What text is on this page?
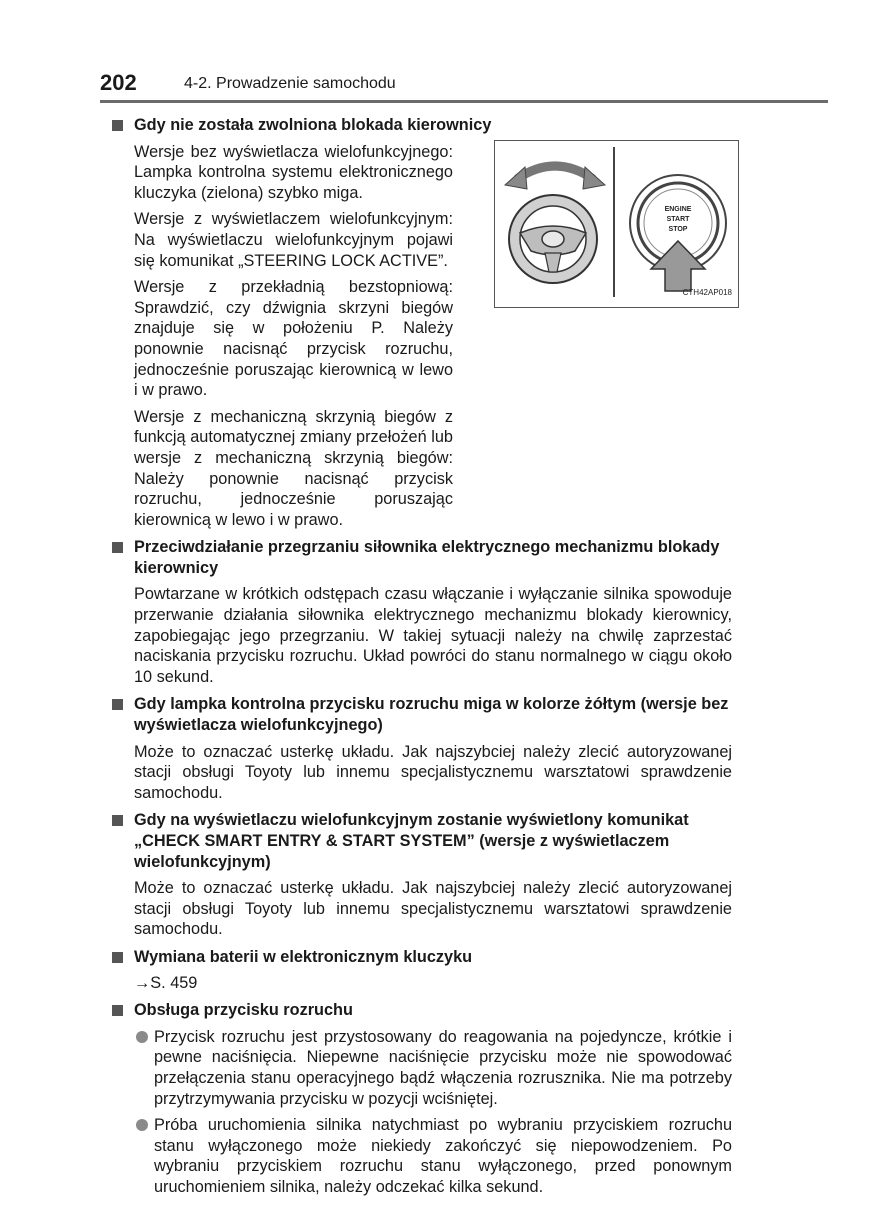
202	4-2. Prowadzenie samochodu

Gdy nie została zwolniona blokada kierownicy

Wersje bez wyświetlacza wielofunkcyjnego: Lampka kontrolna systemu elektronicznego kluczyka (zielona) szybko miga.

Wersje z wyświetlaczem wielofunkcyjnym: Na wyświetlaczu wielofunkcyjnym pojawi się komunikat „STEERING LOCK ACTIVE”.

Wersje z przekładnią bezstopniową: Sprawdzić, czy dźwignia skrzyni biegów znajduje się w położeniu P. Należy ponownie nacisnąć przycisk rozruchu, jednocześnie poruszając kierownicą w lewo i w prawo.

Wersje z mechaniczną skrzynią biegów z funkcją automatycznej zmiany przełożeń lub wersje z mechaniczną skrzynią biegów: Należy ponownie nacisnąć przycisk rozruchu, jednocześnie poruszając kierownicą w lewo i w prawo.

ENGINE
START
STOP
CTH42AP018

Przeciwdziałanie przegrzaniu siłownika elektrycznego mechanizmu blokady kierownicy

Powtarzane w krótkich odstępach czasu włączanie i wyłączanie silnika spowoduje przerwanie działania siłownika elektrycznego mechanizmu blokady kierownicy, zapobiegając jego przegrzaniu. W takiej sytuacji należy na chwilę zaprzestać naciskania przycisku rozruchu. Układ powróci do stanu normalnego w ciągu około 10 sekund.

Gdy lampka kontrolna przycisku rozruchu miga w kolorze żółtym (wersje bez wyświetlacza wielofunkcyjnego)

Może to oznaczać usterkę układu. Jak najszybciej należy zlecić autoryzowanej stacji obsługi Toyoty lub innemu specjalistycznemu warsztatowi sprawdzenie samochodu.

Gdy na wyświetlaczu wielofunkcyjnym zostanie wyświetlony komunikat „CHECK SMART ENTRY & START SYSTEM” (wersje z wyświetlaczem wielofunkcyjnym)

Może to oznaczać usterkę układu. Jak najszybciej należy zlecić autoryzowanej stacji obsługi Toyoty lub innemu specjalistycznemu warsztatowi sprawdzenie samochodu.

Wymiana baterii w elektronicznym kluczyku

→S. 459

Obsługa przycisku rozruchu

Przycisk rozruchu jest przystosowany do reagowania na pojedyncze, krótkie i pewne naciśnięcia. Niepewne naciśnięcie przycisku może nie spowodować przełączenia stanu operacyjnego bądź włączenia rozrusznika. Nie ma potrzeby przytrzymywania przycisku w pozycji wciśniętej.

Próba uruchomienia silnika natychmiast po wybraniu przyciskiem rozruchu stanu wyłączonego może niekiedy zakończyć się niepowodzeniem. Po wybraniu przyciskiem rozruchu stanu wyłączonego, przed ponownym uruchomieniem silnika, należy odczekać kilka sekund.
